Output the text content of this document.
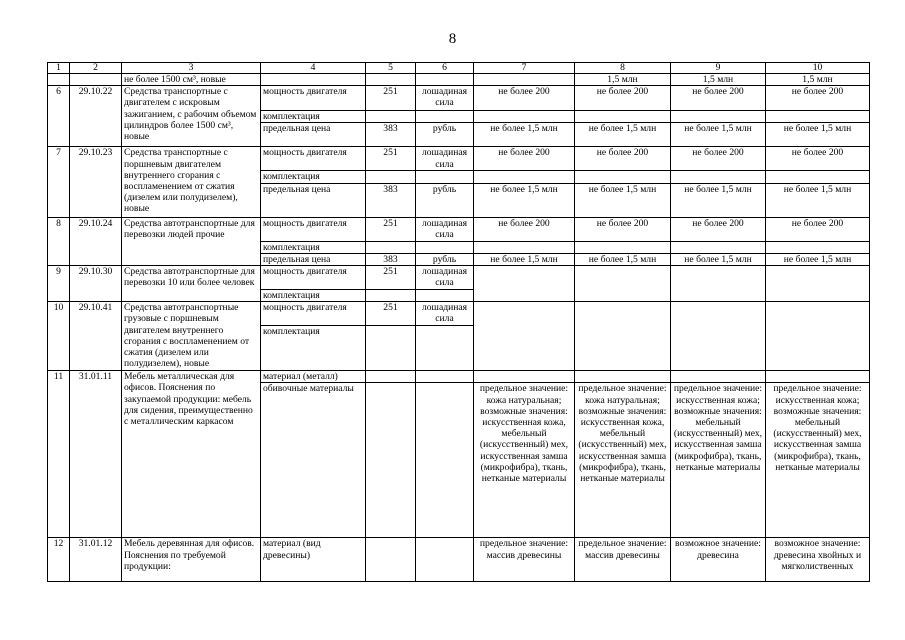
8
1	2	3	4	5	6	7	8	9	10
		не более 1500 см³, новые					1,5 млн	1,5 млн	1,5 млн
6	29.10.22	Средства транспортные с двигателем с искровым зажиганием, с рабочим объемом цилиндров более 1500 см³, новые	мощность двигателя	251	лошадиная сила	не более 200	не более 200	не более 200	не более 200
			комплектация						
			предельная цена	383	рубль	не более 1,5 млн	не более 1,5 млн	не более 1,5 млн	не более 1,5 млн
7	29.10.23	Средства транспортные с поршневым двигателем внутреннего сгорания с воспламенением от сжатия (дизелем или полудизелем), новые	мощность двигателя	251	лошадиная сила	не более 200	не более 200	не более 200	не более 200
			комплектация						
			предельная цена	383	рубль	не более 1,5 млн	не более 1,5 млн	не более 1,5 млн	не более 1,5 млн
8	29.10.24	Средства автотранспортные для перевозки людей прочие	мощность двигателя	251	лошадиная сила	не более 200	не более 200	не более 200	не более 200
			комплектация						
			предельная цена	383	рубль	не более 1,5 млн	не более 1,5 млн	не более 1,5 млн	не более 1,5 млн
9	29.10.30	Средства автотранспортные для перевозки 10 или более человек	мощность двигателя	251	лошадиная сила				
			комплектация						
10	29.10.41	Средства автотранспортные грузовые с поршневым двигателем внутреннего сгорания с воспламенением от сжатия (дизелем или полудизелем), новые	мощность двигателя	251	лошадиная сила				
			комплектация						
11	31.01.11	Мебель металлическая для офисов. Пояснения по закупаемой продукции: мебель для сидения, преимущественно с металлическим каркасом	материал (металл)						
			обивочные материалы			предельное значение: кожа натуральная; возможные значения: искусственная кожа, мебельный (искусственный) мех, искусственная замша (микрофибра), ткань, нетканые материалы	предельное значение: кожа натуральная; возможные значения: искусственная кожа, мебельный (искусственный) мех, искусственная замша (микрофибра), ткань, нетканые материалы	предельное значение: искусственная кожа; возможные значения: мебельный (искусственный) мех, искусственная замша (микрофибра), ткань, нетканые материалы	предельное значение: искусственная кожа; возможные значения: мебельный (искусственный) мех, искусственная замша (микрофибра), ткань, нетканые материалы
12	31.01.12	Мебель деревянная для офисов. Пояснения по требуемой продукции:	материал (вид древесины)			предельное значение: массив древесины	предельное значение: массив древесины	возможное значение: древесина	возможное значение: древесина хвойных и мягколиственных
